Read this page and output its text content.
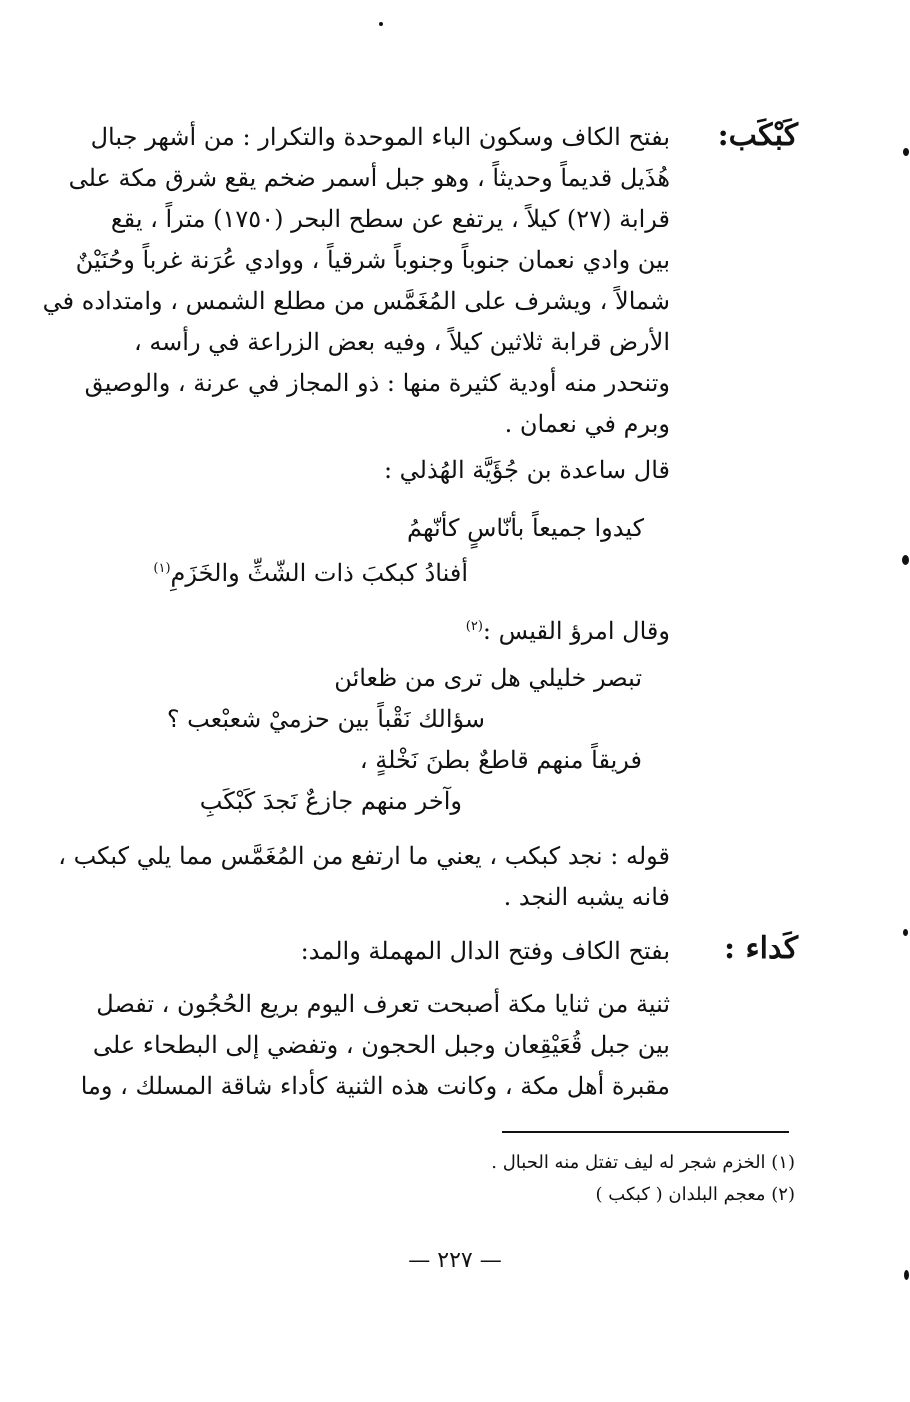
كَبْكَب:
بفتح الكاف وسكون الباء الموحدة والتكرار : من أشهر جبال
هُذَيل قديماً وحديثاً ، وهو جبل أسمر ضخم يقع شرق مكة على
قرابة (٢٧) كيلاً ، يرتفع عن سطح البحر (١٧٥٠) متراً ، يقع
بين وادي نعمان جنوباً وجنوباً شرقياً ، ووادي عُرَنة غرباً وحُنَيْنٌ
شمالاً ، ويشرف على المُغَمَّس من مطلع الشمس ، وامتداده في
الأرض قرابة ثلاثين كيلاً ، وفيه بعض الزراعة في رأسه ،
وتنحدر منه أودية كثيرة منها : ذو المجاز في عرنة ، والوصيق
وبرم في نعمان .
قال ساعدة بن جُؤَيَّة الهُذلي :
كيدوا جميعاً بأنّاسٍ كأنّهمُ
أفنادُ كبكبَ ذات الشّثِّ والخَزَمِ$^{(١)}$
وقال امرؤ القيس :$^{(٢)}$
تبصر خليلي هل ترى من ظعائن
سؤالك نَقْباً بين حزميْ شعبْعب ؟
فريقاً منهم قاطعٌ بطنَ نَخْلةٍ ،
وآخر منهم جازعٌ نَجدَ كَبْكَبِ
قوله : نجد كبكب ، يعني ما ارتفع من المُغَمَّس مما يلي كبكب ،
فانه يشبه النجد .
كَداء :
بفتح الكاف وفتح الدال المهملة والمد:
ثنية من ثنايا مكة أصبحت تعرف اليوم بريع الحُجُون ، تفصل
بين جبل قُعَيْقِعان وجبل الحجون ، وتفضي إلى البطحاء على
مقبرة أهل مكة ، وكانت هذه الثنية كأداء شاقة المسلك ، وما
(١) الخزم شجر له ليف تفتل منه الحبال .
(٢) معجم البلدان ( كبكب )
— ٢٢٧ —
